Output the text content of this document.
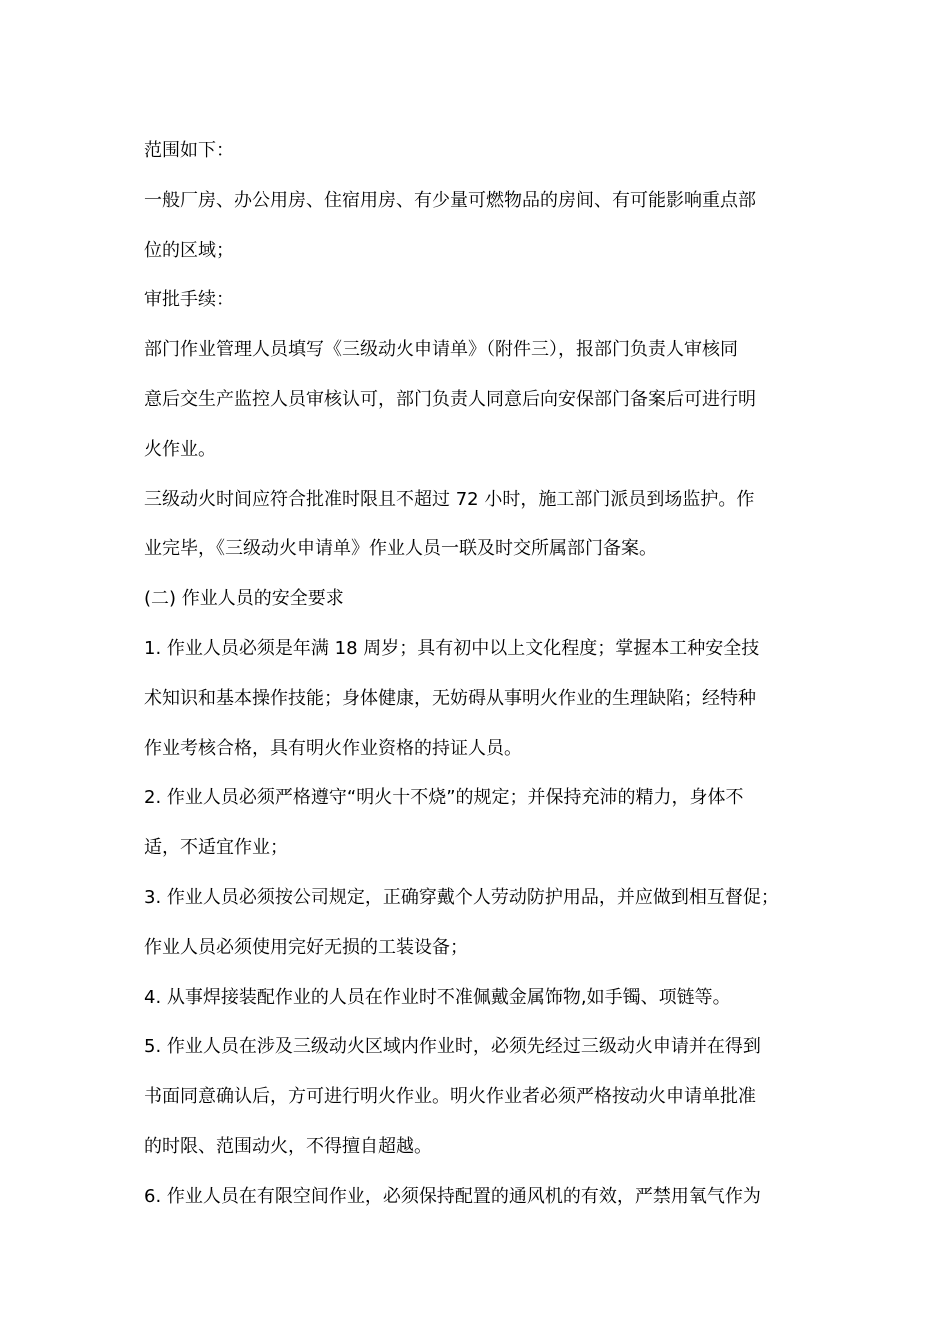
范围如下：
一般厂房、办公用房、住宿用房、有少量可燃物品的房间、有可能影响重点部
位的区域；
审批手续：
部门作业管理人员填写《三级动火申请单》（附件三），报部门负责人审核同
意后交生产监控人员审核认可，部门负责人同意后向安保部门备案后可进行明
火作业。
三级动火时间应符合批准时限且不超过 72 小时，施工部门派员到场监护。作
业完毕，《三级动火申请单》作业人员一联及时交所属部门备案。
(二) 作业人员的安全要求
1. 作业人员必须是年满 18 周岁；具有初中以上文化程度；掌握本工种安全技
术知识和基本操作技能；身体健康，无妨碍从事明火作业的生理缺陷；经特种
作业考核合格，具有明火作业资格的持证人员。
2. 作业人员必须严格遵守“明火十不烧”的规定；并保持充沛的精力，身体不
适，不适宜作业；
3. 作业人员必须按公司规定，正确穿戴个人劳动防护用品，并应做到相互督促；
作业人员必须使用完好无损的工装设备；
4. 从事焊接装配作业的人员在作业时不准佩戴金属饰物,如手镯、项链等。
5. 作业人员在涉及三级动火区域内作业时，必须先经过三级动火申请并在得到
书面同意确认后，方可进行明火作业。明火作业者必须严格按动火申请单批准
的时限、范围动火，不得擅自超越。
6. 作业人员在有限空间作业，必须保持配置的通风机的有效，严禁用氧气作为
